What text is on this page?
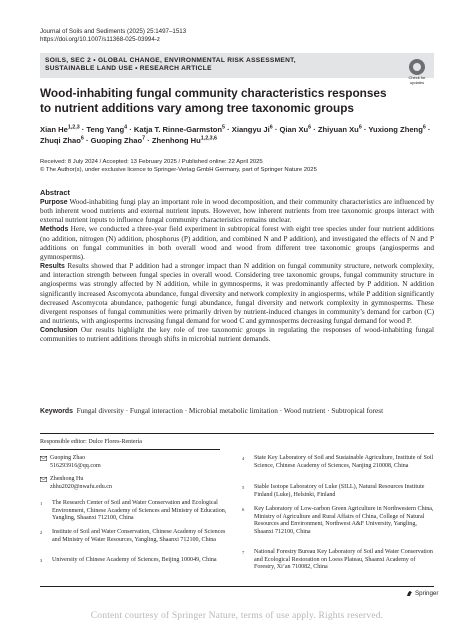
Journal of Soils and Sediments (2025) 25:1497–1513
https://doi.org/10.1007/s11368-025-03994-z
SOILS, SEC 2 • GLOBAL CHANGE, ENVIRONMENTAL RISK ASSESSMENT,
SUSTAINABLE LAND USE • RESEARCH ARTICLE
Check for
updates
Wood-inhabiting fungal community characteristics responses to nutrient additions vary among tree taxonomic groups
Xian He$^{1,2,3}$ · Teng Yang$^4$ · Katja T. Rinne-Garmston$^5$ · Xiangyu $Ji^6$ · Qian $Xu^6$ · Zhiyuan $Xu^6$ · Yuxiong Zheng$^6$ ·
Zhuqi Zhao$^6$ · Guoping Zhao$^7$ · Zhenhong Hu$^{1,2,3,6}$
Received: 8 July 2024 / Accepted: 13 February 2025 / Published online: 22 April 2025
© The Author(s), under exclusive licence to Springer-Verlag GmbH Germany, part of Springer Nature 2025
Abstract

Purpose Wood-inhabiting fungi play an important role in wood decomposition, and their community characteristics are influenced by both inherent wood nutrients and external nutrient inputs. However, how inherent nutrients from tree taxonomic groups interact with external nutrient inputs to influence fungal community characteristics remains unclear.

Methods Here, we conducted a three-year field experiment in subtropical forest with eight tree species under four nutrient additions (no addition, nitrogen (N) addition, phosphorus (P) addition, and combined N and P addition), and investigated the effects of N and P additions on fungal communities in both overall wood and wood from different tree taxonomic groups (angiosperms and gymnosperms).

Results Results showed that P addition had a stronger impact than N addition on fungal community structure, network complexity, and interaction strength between fungal species in overall wood. Considering tree taxonomic groups, fungal community structure in angiosperms was strongly affected by N addition, while in gymnosperms, it was predominantly affected by P addition. N addition significantly increased Ascomycota abundance, fungal diversity and network complexity in angiosperms, while P addition significantly decreased Ascomycota abundance, pathogenic fungi abundance, fungal diversity and network complexity in gymnosperms. These divergent responses of fungal communities were primarily driven by nutrient-induced changes in community’s demand for carbon (C) and nutrients, with angiosperms increasing fungal demand for wood C and gymnosperms decreasing fungal demand for wood P.

Conclusion Our results highlight the key role of tree taxonomic groups in regulating the responses of wood-inhabiting fungal communities to nutrient additions through shifts in microbial nutrient demands.

Keywords Fungal diversity · Fungal interaction · Microbial metabolic limitation · Wood nutrient · Subtropical forest
Responsible editor: Dulce Flores-Rentería
Guoping Zhao
516293916@qq.com
Zhenhong Hu
zhhu2020@nwafu.edu.cn
1	The Research Center of Soil and Water Conservation and Ecological Environment, Chinese Academy of Sciences and Ministry of Education, Yangling, Shaanxi 712100, China
2	Institute of Soil and Water Conservation, Chinese Academy of Sciences and Ministry of Water Resources, Yangling, Shaanxi 712100, China
3	University of Chinese Academy of Sciences, Beijing 100049, China
4	State Key Laboratory of Soil and Sustainable Agriculture, Institute of Soil Science, Chinese Academy of Sciences, Nanjing 210008, China
5	Stable Isotope Laboratory of Luke (SILL), Natural Resources Institute Finland (Luke), Helsinki, Finland
6	Key Laboratory of Low-carbon Green Agriculture in Northwestern China, Ministry of Agriculture and Rural Affairs of China, College of Natural Resources and Environment, Northwest A&F University, Yangling, Shaanxi 712100, China
7	National Forestry Bureau Key Laboratory of Soil and Water Conservation and Ecological Restoration on Loess Plateau, Shaanxi Academy of Forestry, Xi’an 710082, China
Springer
Content courtesy of Springer Nature, terms of use apply. Rights reserved.
